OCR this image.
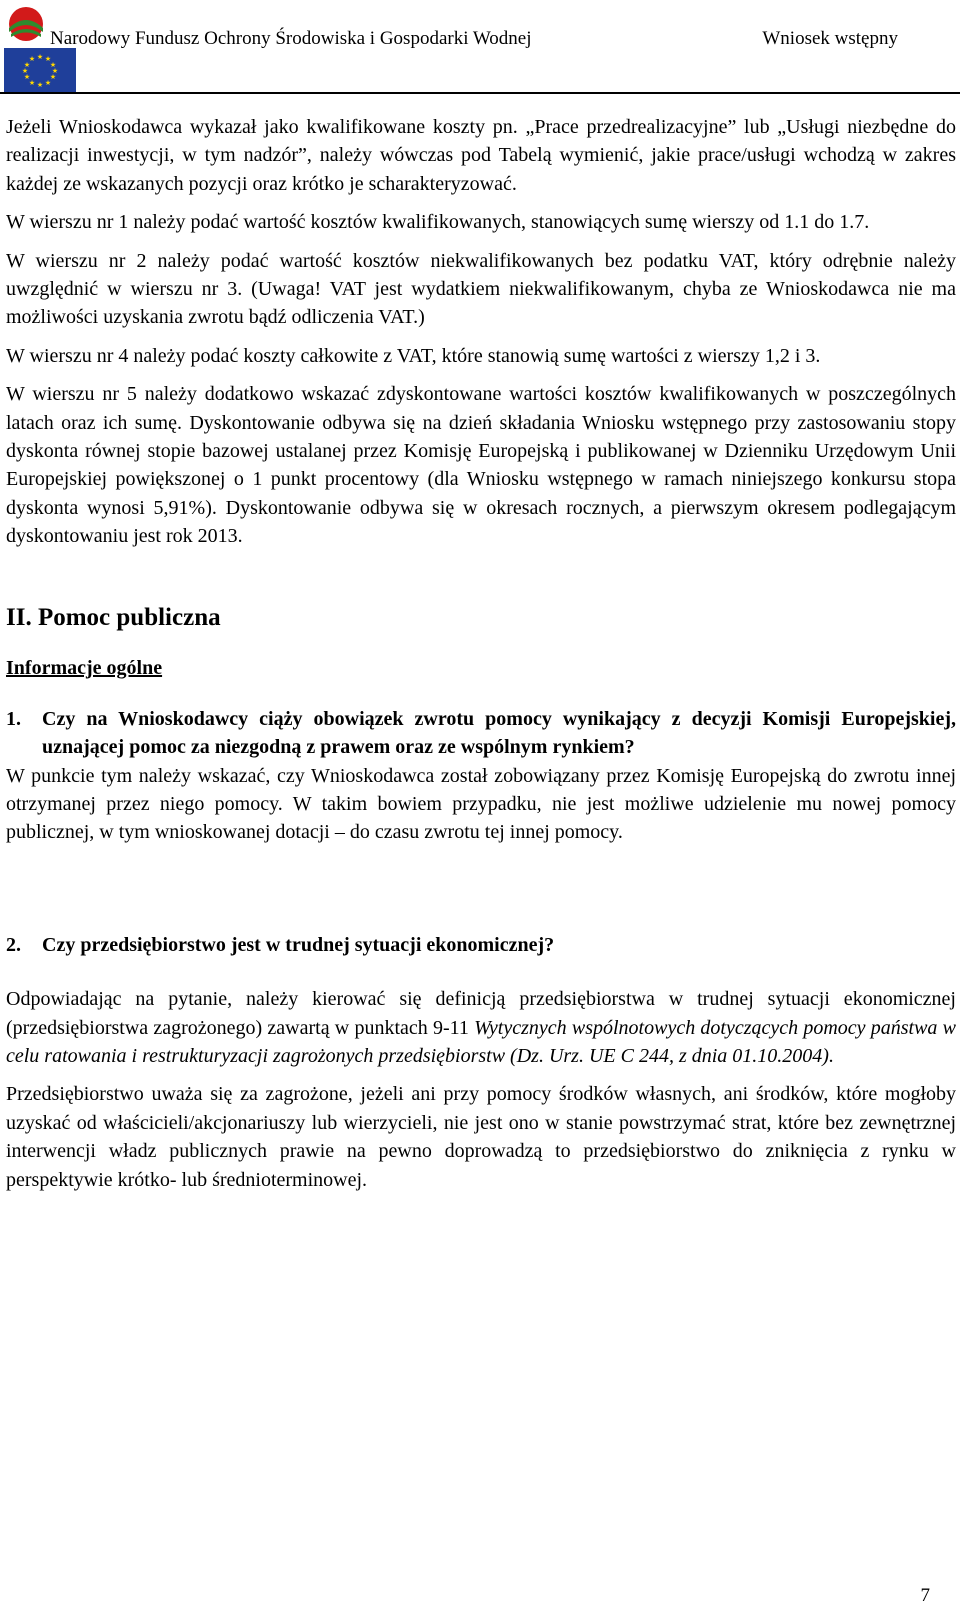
★ ★
★
★
★
★
★
★
★
★
★
★
Narodowy Fundusz Ochrony Środowiska i Gospodarki Wodnej	Wniosek wstępny

Jeżeli Wnioskodawca wykazał jako kwalifikowane koszty pn. „Prace przedrealizacyjne” lub „Usługi niezbędne do realizacji inwestycji, w tym nadzór”, należy wówczas pod Tabelą wymienić, jakie prace/usługi wchodzą w zakres każdej ze wskazanych pozycji oraz krótko je scharakteryzować.

W wierszu nr 1 należy podać wartość kosztów kwalifikowanych, stanowiących sumę wierszy od 1.1 do 1.7.

W wierszu nr 2 należy podać wartość kosztów niekwalifikowanych bez podatku VAT, który odrębnie należy uwzględnić w wierszu nr 3. (Uwaga! VAT jest wydatkiem niekwalifikowanym, chyba ze Wnioskodawca nie ma możliwości uzyskania zwrotu bądź odliczenia VAT.)

W wierszu nr 4 należy podać koszty całkowite z VAT, które stanowią sumę wartości z wierszy 1,2 i 3.

W wierszu nr 5 należy dodatkowo wskazać zdyskontowane wartości kosztów kwalifikowanych w poszczególnych latach oraz ich sumę. Dyskontowanie odbywa się na dzień składania Wniosku wstępnego przy zastosowaniu stopy dyskonta równej stopie bazowej ustalanej przez Komisję Europejską i publikowanej w Dzienniku Urzędowym Unii Europejskiej powiększonej o 1 punkt procentowy (dla Wniosku wstępnego w ramach niniejszego konkursu stopa dyskonta wynosi 5,91%). Dyskontowanie odbywa się w okresach rocznych, a pierwszym okresem podlegającym dyskontowaniu jest rok 2013.

II. Pomoc publiczna
Informacje ogólne
1.	Czy na Wnioskodawcy ciąży obowiązek zwrotu pomocy wynikający z decyzji Komisji Europejskiej, uznającej pomoc za niezgodną z prawem oraz ze wspólnym rynkiem?

W punkcie tym należy wskazać, czy Wnioskodawca został zobowiązany przez Komisję Europejską do zwrotu innej otrzymanej przez niego pomocy. W takim bowiem przypadku, nie jest możliwe udzielenie mu nowej pomocy publicznej, w tym wnioskowanej dotacji – do czasu zwrotu tej innej pomocy.

2.	Czy przedsiębiorstwo jest w trudnej sytuacji ekonomicznej?

Odpowiadając na pytanie, należy kierować się definicją przedsiębiorstwa w trudnej sytuacji ekonomicznej (przedsiębiorstwa zagrożonego) zawartą w punktach 9-11 Wytycznych wspólnotowych dotyczących pomocy państwa w celu ratowania i restrukturyzacji zagrożonych przedsiębiorstw (Dz. Urz. UE C 244, z dnia 01.10.2004).

Przedsiębiorstwo uważa się za zagrożone, jeżeli ani przy pomocy środków własnych, ani środków, które mogłoby uzyskać od właścicieli/akcjonariuszy lub wierzycieli, nie jest ono w stanie powstrzymać strat, które bez zewnętrznej interwencji władz publicznych prawie na pewno doprowadzą to przedsiębiorstwo do zniknięcia z rynku w perspektywie krótko- lub średnioterminowej.

7
